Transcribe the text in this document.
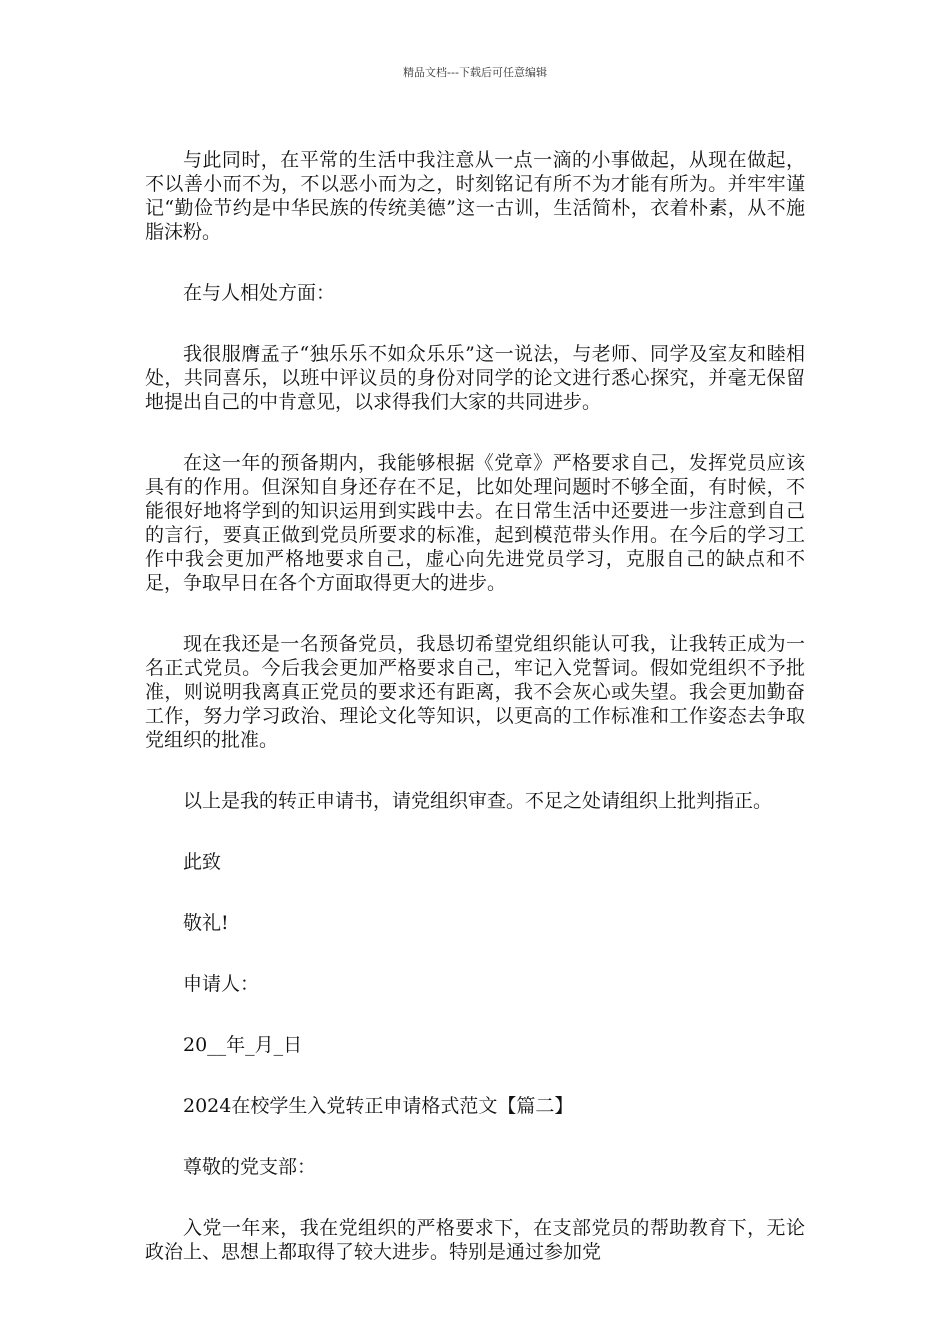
精品文档---下载后可任意编辑

与此同时，在平常的生活中我注意从一点一滴的小事做起，从现在做起，不以善小而不为，不以恶小而为之，时刻铭记有所不为才能有所为。并牢牢谨记“勤俭节约是中华民族的传统美德”这一古训，生活简朴，衣着朴素，从不施脂沫粉。

在与人相处方面：

我很服膺孟子“独乐乐不如众乐乐”这一说法，与老师、同学及室友和睦相处，共同喜乐，以班中评议员的身份对同学的论文进行悉心探究，并毫无保留地提出自己的中肯意见，以求得我们大家的共同进步。

在这一年的预备期内，我能够根据《党章》严格要求自己，发挥党员应该具有的作用。但深知自身还存在不足，比如处理问题时不够全面，有时候，不能很好地将学到的知识运用到实践中去。在日常生活中还要进一步注意到自己的言行，要真正做到党员所要求的标准，起到模范带头作用。在今后的学习工作中我会更加严格地要求自己，虚心向先进党员学习，克服自己的缺点和不足，争取早日在各个方面取得更大的进步。

现在我还是一名预备党员，我恳切希望党组织能认可我，让我转正成为一名正式党员。今后我会更加严格要求自己，牢记入党誓词。假如党组织不予批准，则说明我离真正党员的要求还有距离，我不会灰心或失望。我会更加勤奋工作，努力学习政治、理论文化等知识，以更高的工作标准和工作姿态去争取党组织的批准。

以上是我的转正申请书，请党组织审查。不足之处请组织上批判指正。

此致

敬礼!

申请人：

20__年_月_日

2024在校学生入党转正申请格式范文【篇二】

尊敬的党支部：

入党一年来，我在党组织的严格要求下，在支部党员的帮助教育下，无论政治上、思想上都取得了较大进步。特别是通过参加党
